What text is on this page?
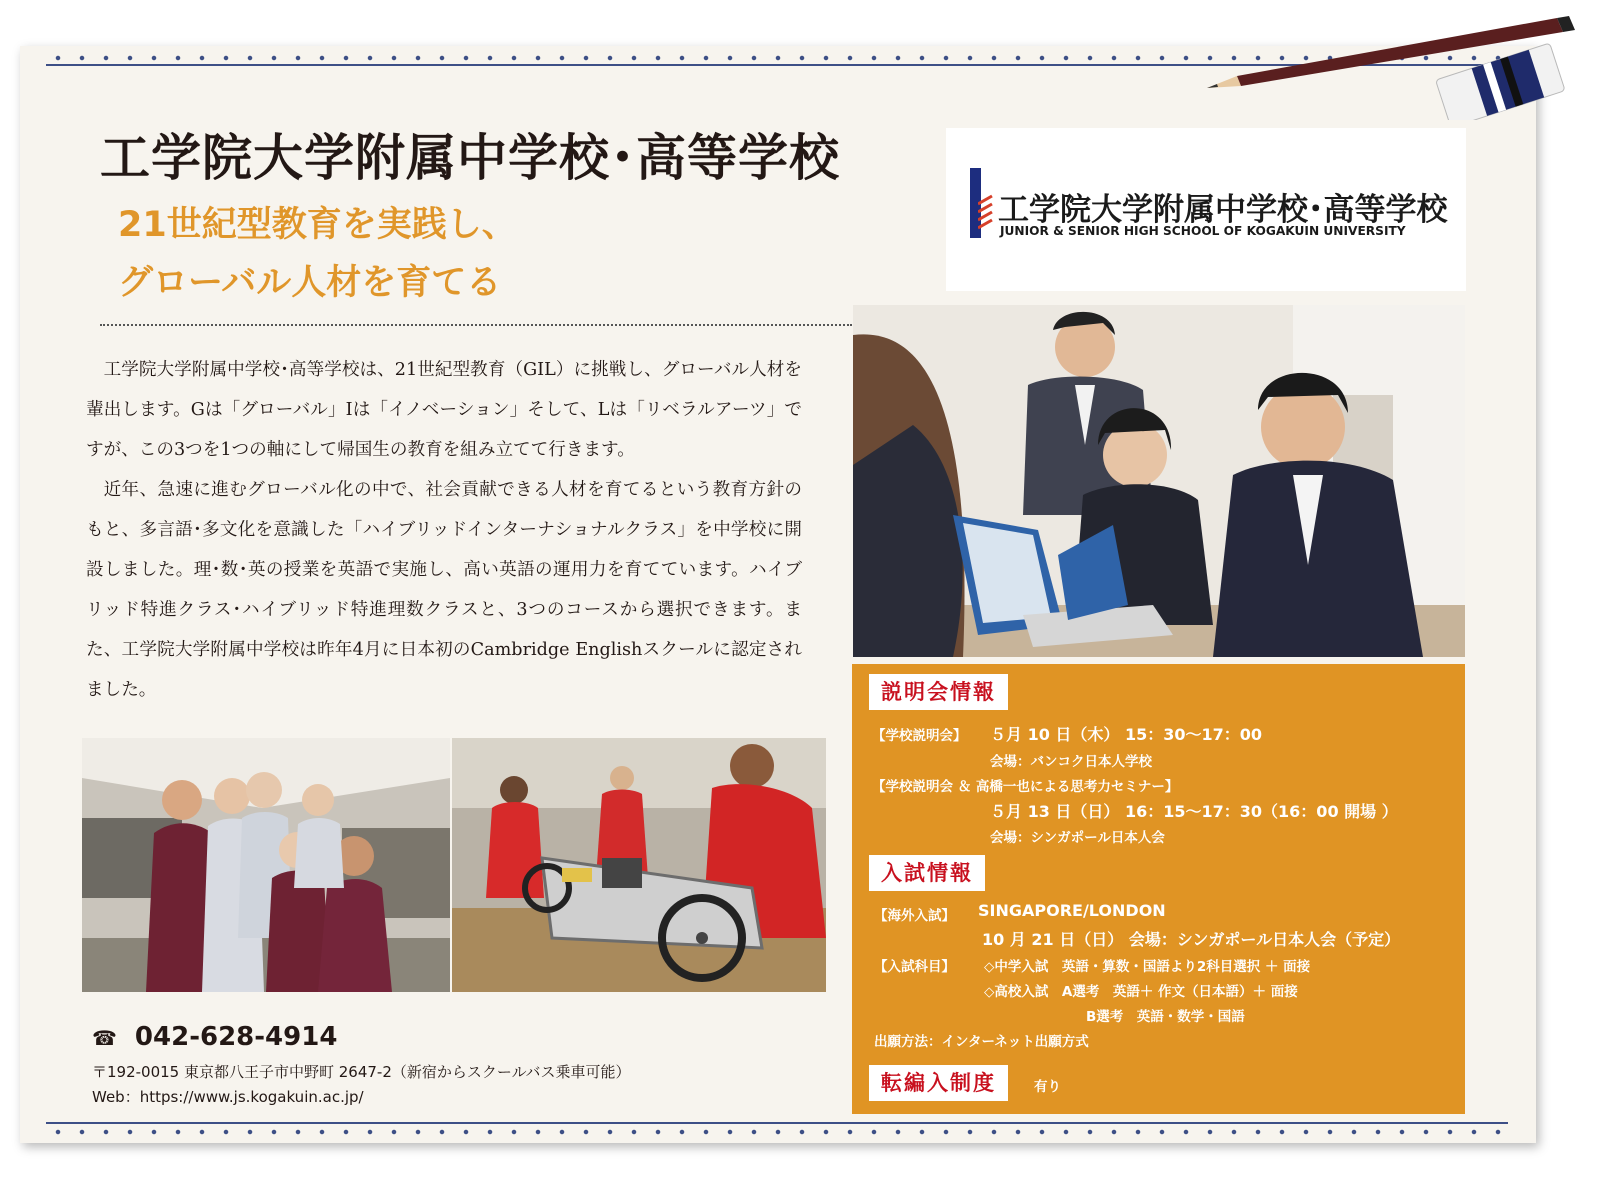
工学院大学附属中学校･高等学校
21世紀型教育を実践し、
グローバル人材を育てる

工学院大学附属中学校･高等学校は、21世紀型教育（GIL）に挑戦し、グローバル人材を輩出します。Gは「グローバル」Iは「イノベーション」そして、Lは「リベラルアーツ」ですが、この3つを1つの軸にして帰国生の教育を組み立てて行きます。

近年、急速に進むグローバル化の中で、社会貢献できる人材を育てるという教育方針のもと、多言語･多文化を意識した「ハイブリッドインターナショナルクラス」を中学校に開設しました。理･数･英の授業を英語で実施し、高い英語の運用力を育てています。ハイブリッド特進クラス･ハイブリッド特進理数クラスと、3つのコースから選択できます。また、工学院大学附属中学校は昨年4月に日本初のCambridge Englishスクールに認定されました。

工学院大学附属中学校･高等学校
JUNIOR & SENIOR HIGH SCHOOL OF KOGAKUIN UNIVERSITY
説明会情報
【学校説明会】 ５月 10 日（木） 15：30〜17：00
会場：バンコク日本人学校
【学校説明会 ＆ 高橋一也による思考力セミナー】
５月 13 日（日） 16：15〜17：30（16：00 開場 ）
会場：シンガポール日本人会
入試情報
【海外入試】 SINGAPORE/LONDON
10 月 21 日（日） 会場：シンガポール日本人会（予定）
【入試科目】 ◇中学入試　英語・算数・国語より2科目選択 ＋ 面接
◇高校入試　A選考　英語＋ 作文（日本語）＋ 面接
B選考　英語・数学・国語
出願方法：インターネット出願方式
転編入制度	有り
☎ 042-628-4914
〒192-0015 東京都八王子市中野町 2647-2（新宿からスクールバス乗車可能）
Web：https://www.js.kogakuin.ac.jp/
